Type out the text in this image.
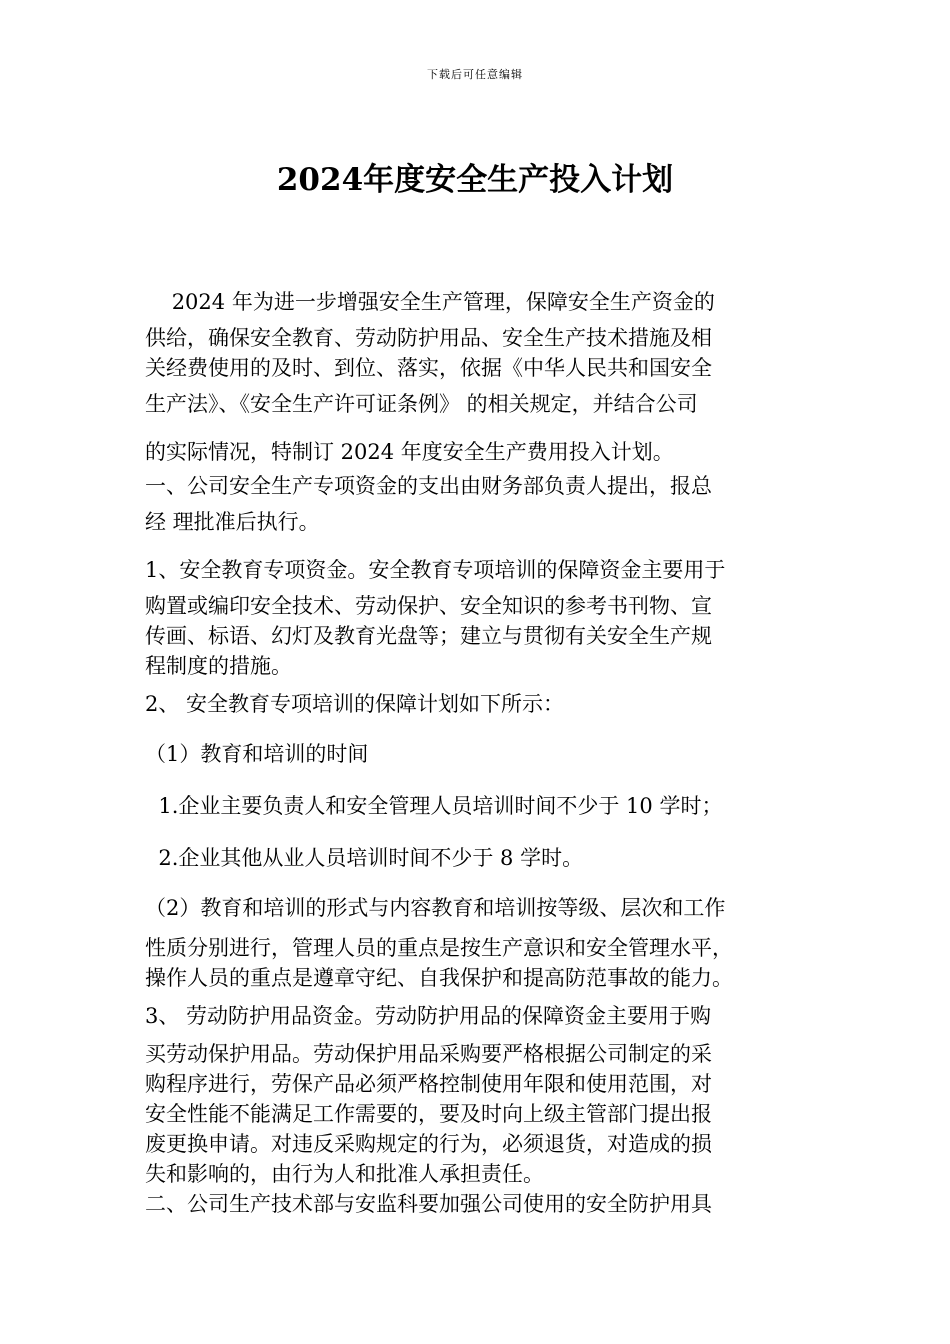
下载后可任意编辑
2024年度安全生产投入计划
2024 年为进一步增强安全生产管理，保障安全生产资金的
供给，确保安全教育、劳动防护用品、安全生产技术措施及相
关经费使用的及时、到位、落实，依据《中华人民共和国安全
生产法》、《安全生产许可证条例》 的相关规定，并结合公司
的实际情况，特制订 2024 年度安全生产费用投入计划。
一、公司安全生产专项资金的支出由财务部负责人提出，报总
经 理批准后执行。
1、安全教育专项资金。安全教育专项培训的保障资金主要用于
购置或编印安全技术、劳动保护、安全知识的参考书刊物、宣
传画、标语、幻灯及教育光盘等；建立与贯彻有关安全生产规
程制度的措施。
2、 安全教育专项培训的保障计划如下所示：
（1）教育和培训的时间
1.企业主要负责人和安全管理人员培训时间不少于 10 学时；
2.企业其他从业人员培训时间不少于 8 学时。
（2）教育和培训的形式与内容教育和培训按等级、层次和工作
性质分别进行，管理人员的重点是按生产意识和安全管理水平，
操作人员的重点是遵章守纪、自我保护和提高防范事故的能力。
3、 劳动防护用品资金。劳动防护用品的保障资金主要用于购
买劳动保护用品。劳动保护用品采购要严格根据公司制定的采
购程序进行，劳保产品必须严格控制使用年限和使用范围，对
安全性能不能满足工作需要的，要及时向上级主管部门提出报
废更换申请。对违反采购规定的行为，必须退货，对造成的损
失和影响的，由行为人和批准人承担责任。
二、公司生产技术部与安监科要加强公司使用的安全防护用具
